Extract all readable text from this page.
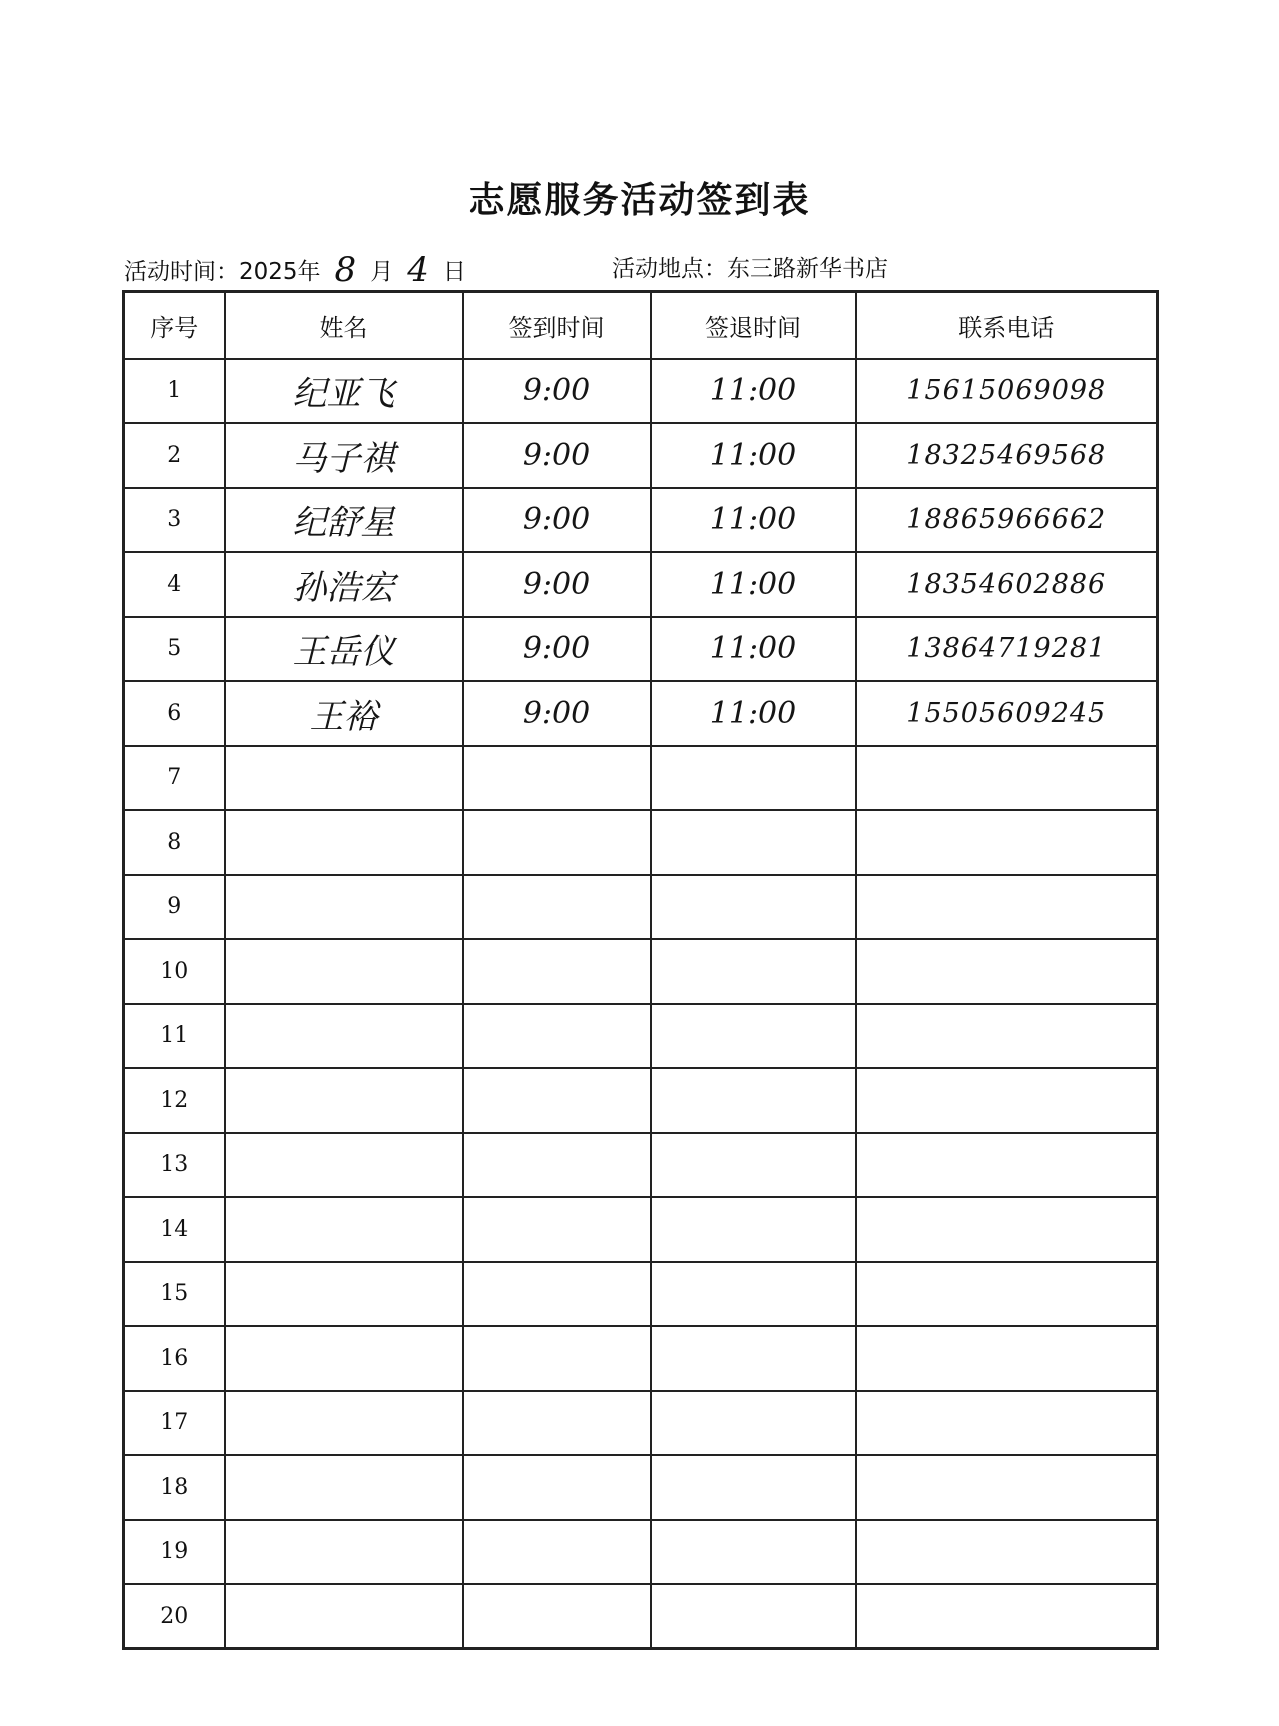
志愿服务活动签到表
活动时间：2025年 8 月 4 日	活动地点：东三路新华书店
序号	姓名	签到时间	签退时间	联系电话
1	纪亚飞	9:00	11:00	15615069098
2	马子祺	9:00	11:00	18325469568
3	纪舒星	9:00	11:00	18865966662
4	孙浩宏	9:00	11:00	18354602886
5	王岳仪	9:00	11:00	13864719281
6	王裕	9:00	11:00	15505609245
7				
8				
9				
10				
11				
12				
13				
14				
15				
16				
17				
18				
19				
20				
